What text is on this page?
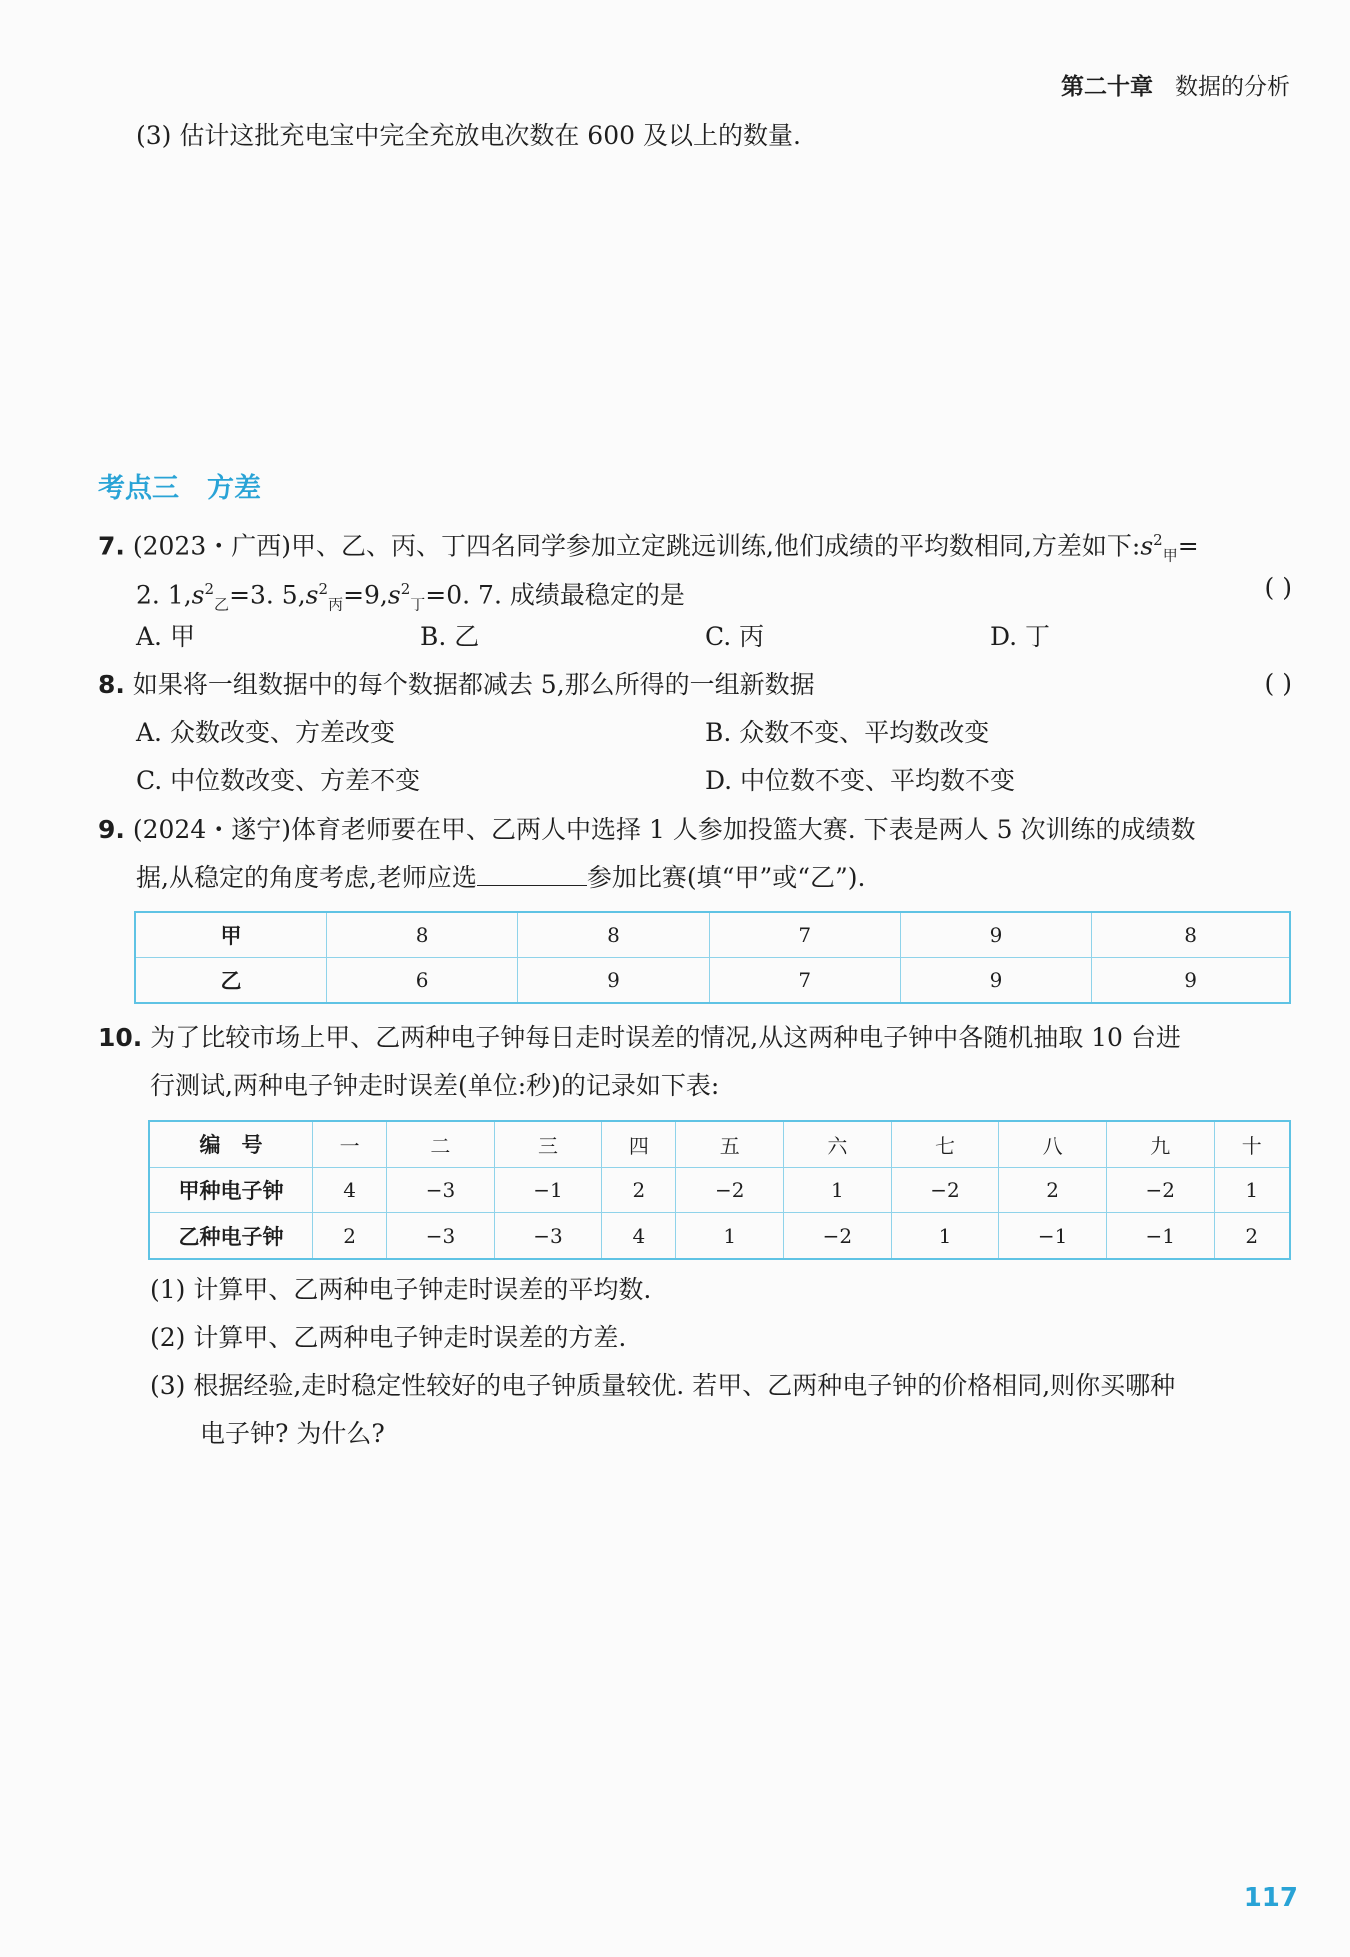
第二十章 数据的分析
(3) 估计这批充电宝中完全充放电次数在 600 及以上的数量.
考点三 方差
7. (2023・广西)甲、乙、丙、丁四名同学参加立定跳远训练,他们成绩的平均数相同,方差如下$:s^2_甲=$
2. $1,s^2_乙=3$. $5,s^2_丙=9,s^2_丁=0$. 7. 成绩最稳定的是	( )
A. 甲	B. 乙	C. 丙	D. 丁
8. 如果将一组数据中的每个数据都减去 5,那么所得的一组新数据	( )
A. 众数改变、方差改变	B. 众数不变、平均数改变
C. 中位数改变、方差不变	D. 中位数不变、平均数不变
9. (2024・遂宁)体育老师要在甲、乙两人中选择 1 人参加投篮大赛. 下表是两人 5 次训练的成绩数
据,从稳定的角度考虑,老师应选	参加比赛(填“甲”或“乙”).
甲	8	8	7	9	8
乙	6	9	7	9	9
10. 为了比较市场上甲、乙两种电子钟每日走时误差的情况,从这两种电子钟中各随机抽取 10 台进
行测试,两种电子钟走时误差(单位:秒)的记录如下表:
编　号	一	二	三	四	五	六	七	八	九	十
甲种电子钟	4	−3	−1	2	−2	1	−2	2	−2	1
乙种电子钟	2	−3	−3	4	1	−2	1	−1	−1	2
(1) 计算甲、乙两种电子钟走时误差的平均数.
(2) 计算甲、乙两种电子钟走时误差的方差.
(3) 根据经验,走时稳定性较好的电子钟质量较优. 若甲、乙两种电子钟的价格相同,则你买哪种
电子钟? 为什么?
117
